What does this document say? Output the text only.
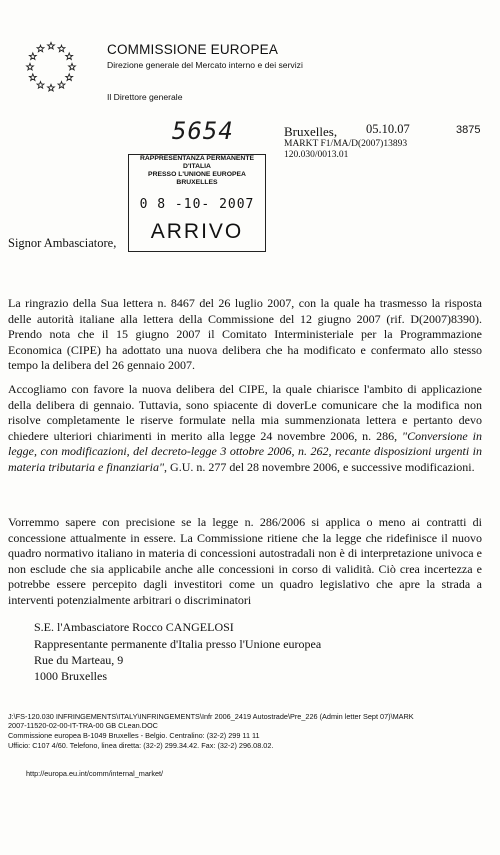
COMMISSIONE EUROPEA
Direzione generale del Mercato interno e dei servizi
Il Direttore generale
5654	Bruxelles, 05.10.07	3875
MARKT F1/MA/D(2007)13893
120.030/0013.01
RAPPRESENTANZA PERMANENTE D'ITALIA
PRESSO L'UNIONE EUROPEA
BRUXELLES
0 8 -10- 2007
ARRIVO
Signor Ambasciatore,
La ringrazio della Sua lettera n. 8467 del 26 luglio 2007, con la quale ha trasmesso la risposta delle autorità italiane alla lettera della Commissione del 12 giugno 2007 (rif. D(2007)8390). Prendo nota che il 15 giugno 2007 il Comitato Interministeriale per la Programmazione Economica (CIPE) ha adottato una nuova delibera che ha modificato e confermato allo stesso tempo la delibera del 26 gennaio 2007.
Accogliamo con favore la nuova delibera del CIPE, la quale chiarisce l'ambito di applicazione della delibera di gennaio. Tuttavia, sono spiacente di doverLe comunicare che la modifica non risolve completamente le riserve formulate nella mia summenzionata lettera e pertanto devo chiedere ulteriori chiarimenti in merito alla legge 24 novembre 2006, n. 286, "Conversione in legge, con modificazioni, del decreto-legge 3 ottobre 2006, n. 262, recante disposizioni urgenti in materia tributaria e finanziaria", G.U. n. 277 del 28 novembre 2006, e successive modificazioni.
Vorremmo sapere con precisione se la legge n. 286/2006 si applica o meno ai contratti di concessione attualmente in essere. La Commissione ritiene che la legge che ridefinisce il nuovo quadro normativo italiano in materia di concessioni autostradali non è di interpretazione univoca e non esclude che sia applicabile anche alle concessioni in corso di validità. Ciò crea incertezza e potrebbe essere percepito dagli investitori come un quadro legislativo che apre la strada a interventi potenzialmente arbitrari o discriminatori
S.E. l'Ambasciatore Rocco CANGELOSI
Rappresentante permanente d'Italia presso l'Unione europea
Rue du Marteau, 9
1000 Bruxelles
J:\FS-120.030 INFRINGEMENTS\ITALY\INFRINGEMENTS\Infr 2006_2419 Autostrade\Pre_226 (Admin letter Sept 07)\MARK
2007-11520-02-00-IT-TRA-00 GB CLean.DOC
Commissione europea B-1049 Bruxelles - Belgio. Centralino: (32-2) 299 11 11
Ufficio: C107 4/60. Telefono, linea diretta: (32-2) 299.34.42. Fax: (32-2) 296.08.02.
http://europa.eu.int/comm/internal_market/
